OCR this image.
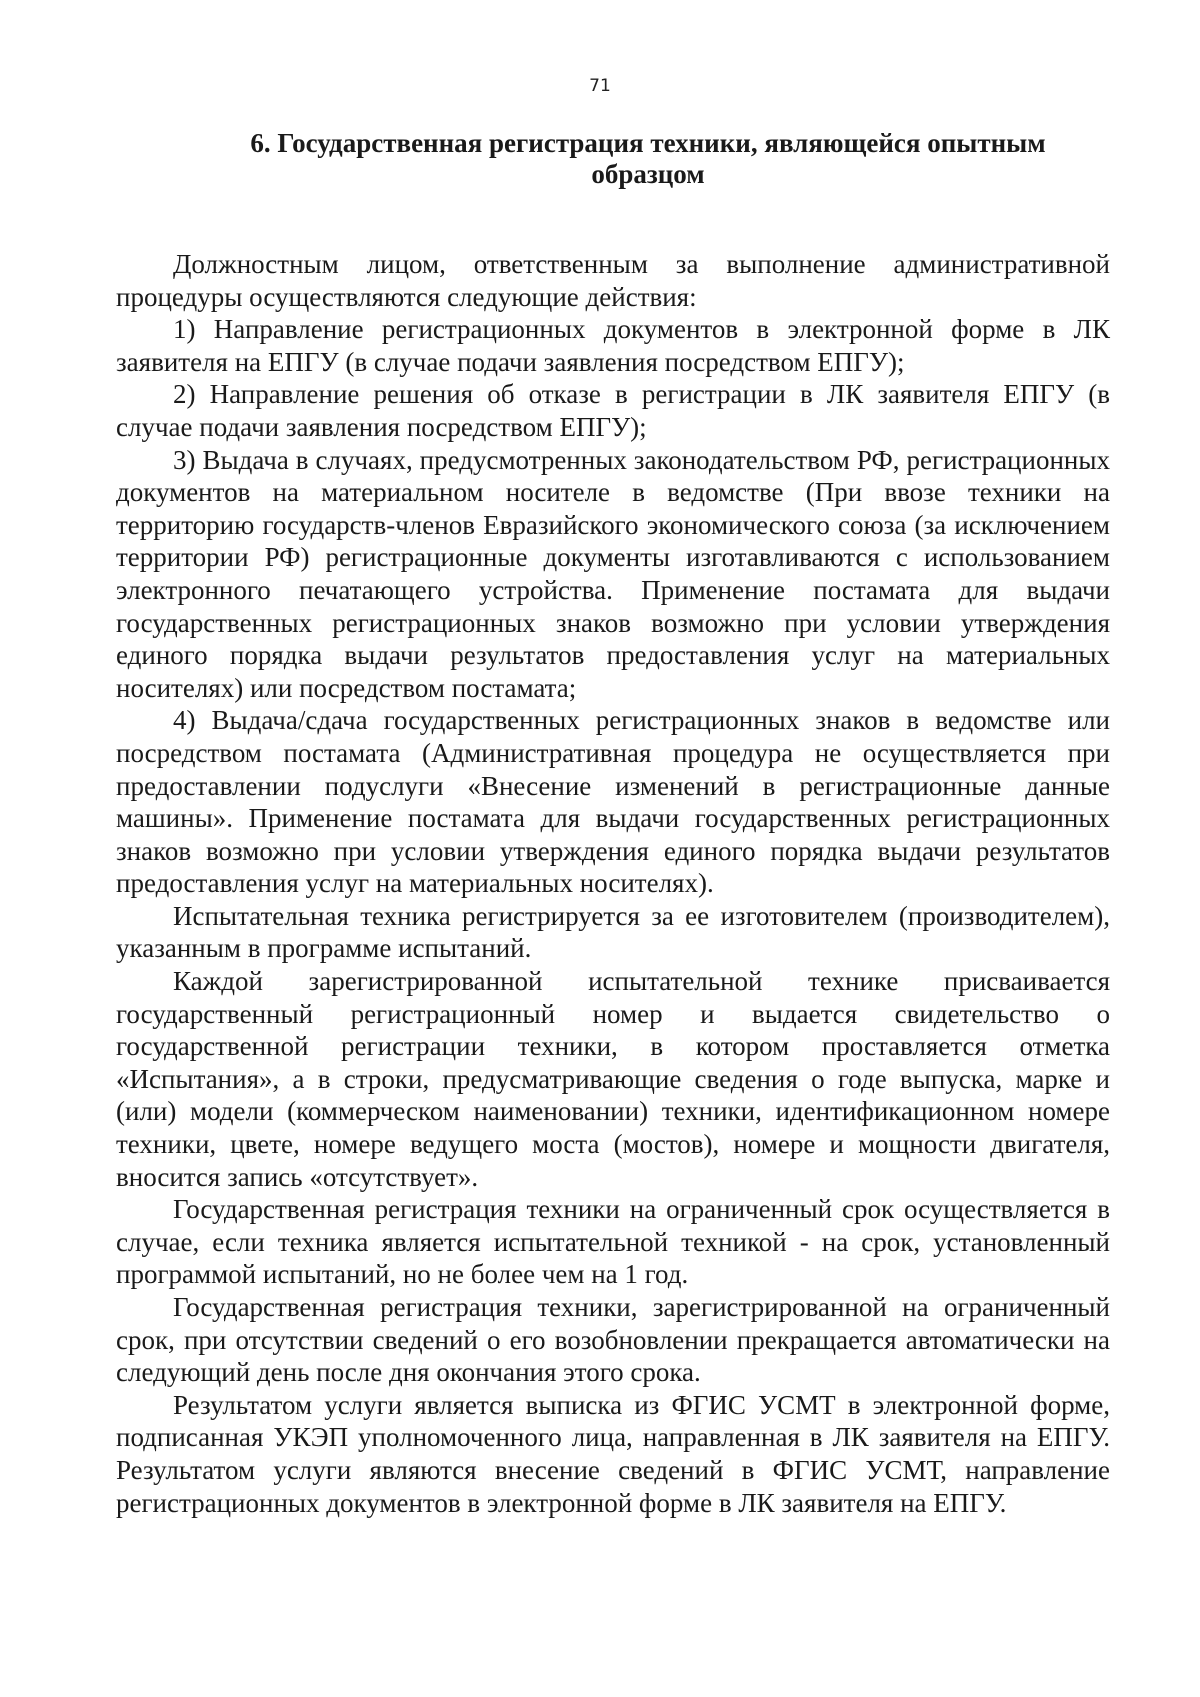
71
6. Государственная регистрация техники, являющейся опытным образцом

Должностным лицом, ответственным за выполнение административной процедуры осуществляются следующие действия:

1) Направление регистрационных документов в электронной форме в ЛК заявителя на ЕПГУ (в случае подачи заявления посредством ЕПГУ);

2) Направление решения об отказе в регистрации в ЛК заявителя ЕПГУ (в случае подачи заявления посредством ЕПГУ);

3) Выдача в случаях, предусмотренных законодательством РФ, регистрационных документов на материальном носителе в ведомстве (При ввозе техники на территорию государств-членов Евразийского экономического союза (за исключением территории РФ) регистрационные документы изготавливаются с использованием электронного печатающего устройства. Применение постамата для выдачи государственных регистрационных знаков возможно при условии утверждения единого порядка выдачи результатов предоставления услуг на материальных носителях) или посредством постамата;

4) Выдача/сдача государственных регистрационных знаков в ведомстве или посредством постамата (Административная процедура не осуществляется при предоставлении подуслуги «Внесение изменений в регистрационные данные машины». Применение постамата для выдачи государственных регистрационных знаков возможно при условии утверждения единого порядка выдачи результатов предоставления услуг на материальных носителях).

Испытательная техника регистрируется за ее изготовителем (производителем), указанным в программе испытаний.

Каждой зарегистрированной испытательной технике присваивается государственный регистрационный номер и выдается свидетельство о государственной регистрации техники, в котором проставляется отметка «Испытания», а в строки, предусматривающие сведения о годе выпуска, марке и (или) модели (коммерческом наименовании) техники, идентификационном номере техники, цвете, номере ведущего моста (мостов), номере и мощности двигателя, вносится запись «отсутствует».

Государственная регистрация техники на ограниченный срок осуществляется в случае, если техника является испытательной техникой - на срок, установленный программой испытаний, но не более чем на 1 год.

Государственная регистрация техники, зарегистрированной на ограниченный срок, при отсутствии сведений о его возобновлении прекращается автоматически на следующий день после дня окончания этого срока.

Результатом услуги является выписка из ФГИС УСМТ в электронной форме, подписанная УКЭП уполномоченного лица, направленная в ЛК заявителя на ЕПГУ. Результатом услуги являются внесение сведений в ФГИС УСМТ, направление регистрационных документов в электронной форме в ЛК заявителя на ЕПГУ.
